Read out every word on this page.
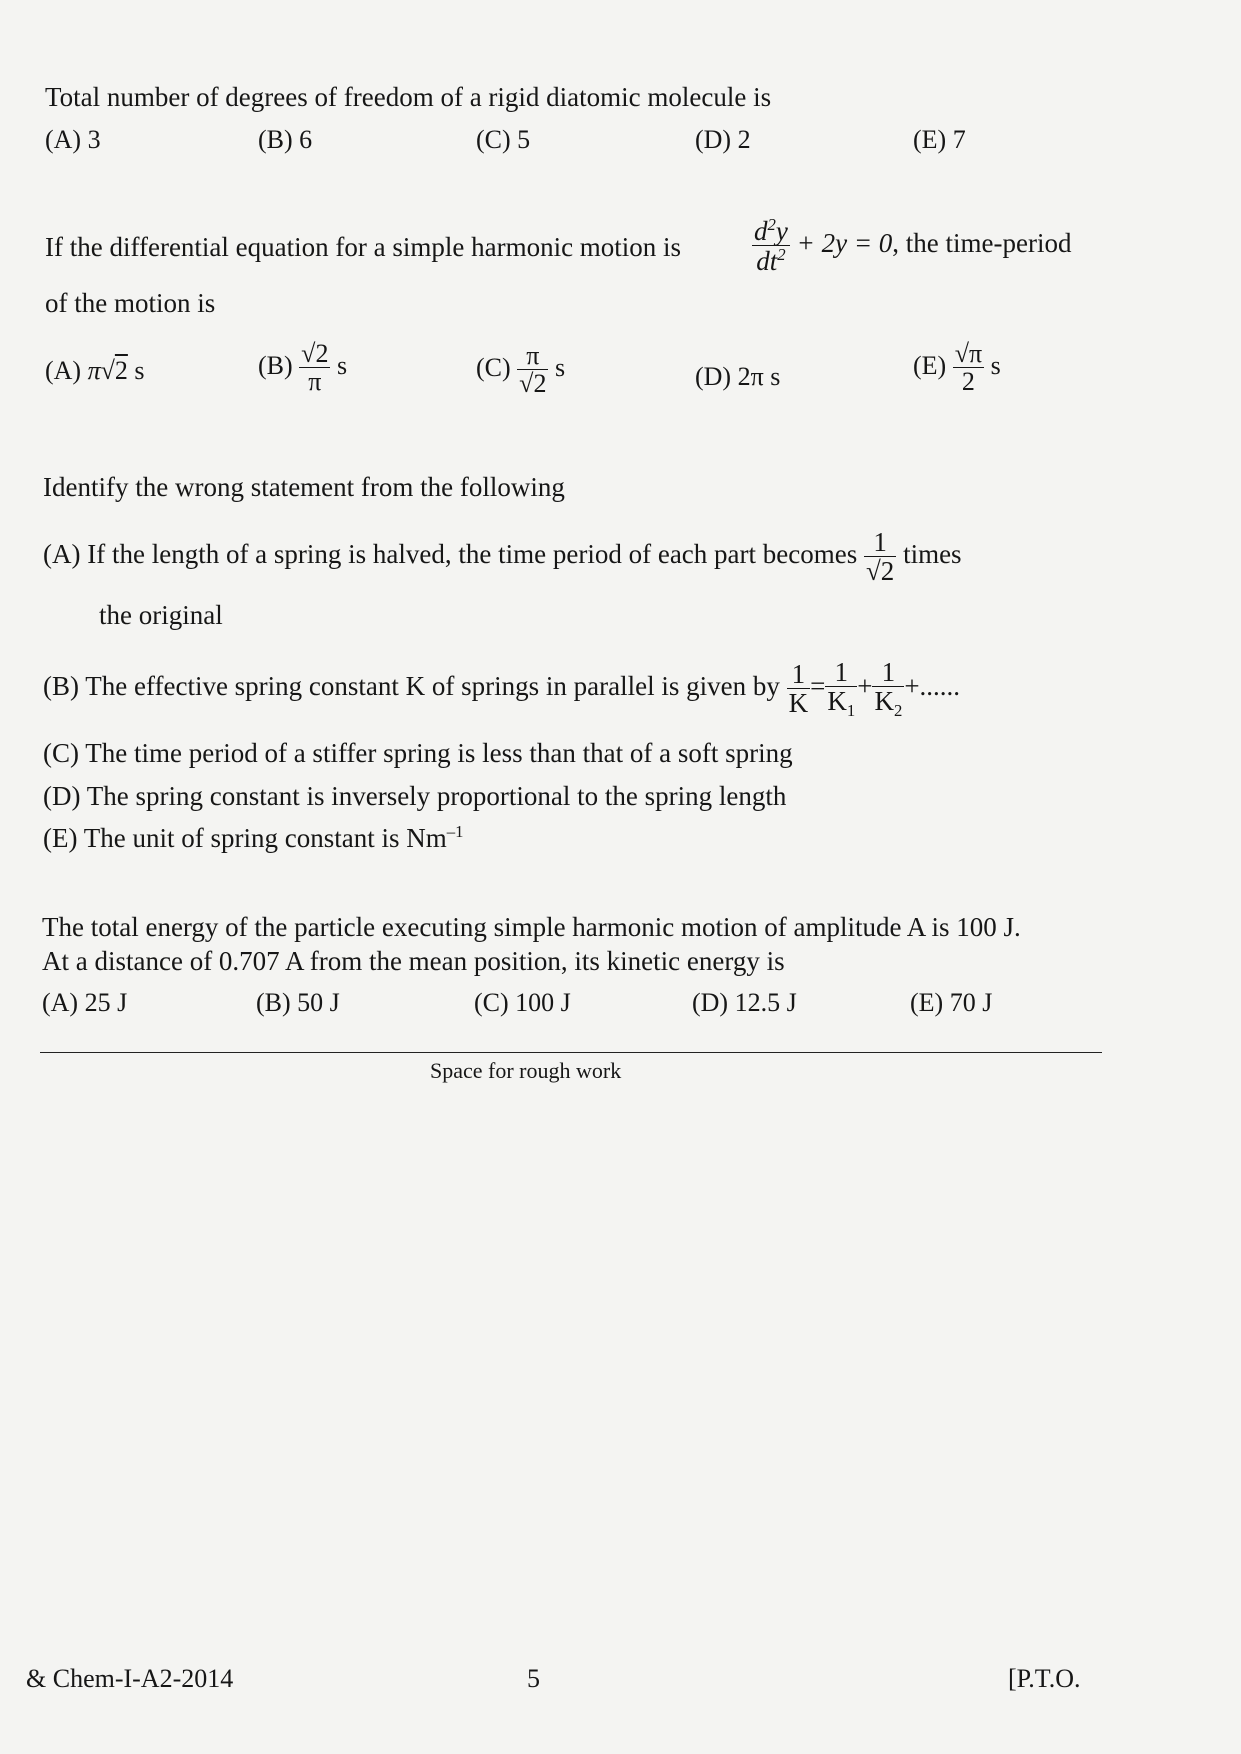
Total number of degrees of freedom of a rigid diatomic molecule is
(A) 3	(B) 6	(C) 5	(D) 2	(E) 7
If the differential equation for a simple harmonic motion is	$\frac{d^2y}{dt^2} + 2y = 0$, the time-period
of the motion is
(A) π√2 s	$(B) \frac{√2}{\pi}$ s	$(C) \frac{\pi}{√2}$ s	(D) 2π s	$(E) \frac{√\pi}{2}$ s
Identify the wrong statement from the following
(A) If the length of a spring is halved, the time period of each part becomes $\frac{1}{√2}$ times
the original
(B) The effective spring constant K of springs in parallel is given by $\frac{1}{K} = \frac{1}{K_1} + \frac{1}{K_2}$ +......
(C) The time period of a stiffer spring is less than that of a soft spring
(D) The spring constant is inversely proportional to the spring length
(E) The unit of spring constant is $Nm^{-1}$
The total energy of the particle executing simple harmonic motion of amplitude A is 100 J.
At a distance of 0.707 A from the mean position, its kinetic energy is
(A) 25 J	(B) 50 J	(C) 100 J	(D) 12.5 J	(E) 70 J
Space for rough work
& Chem-I-A2-2014	5	[P.T.O.
